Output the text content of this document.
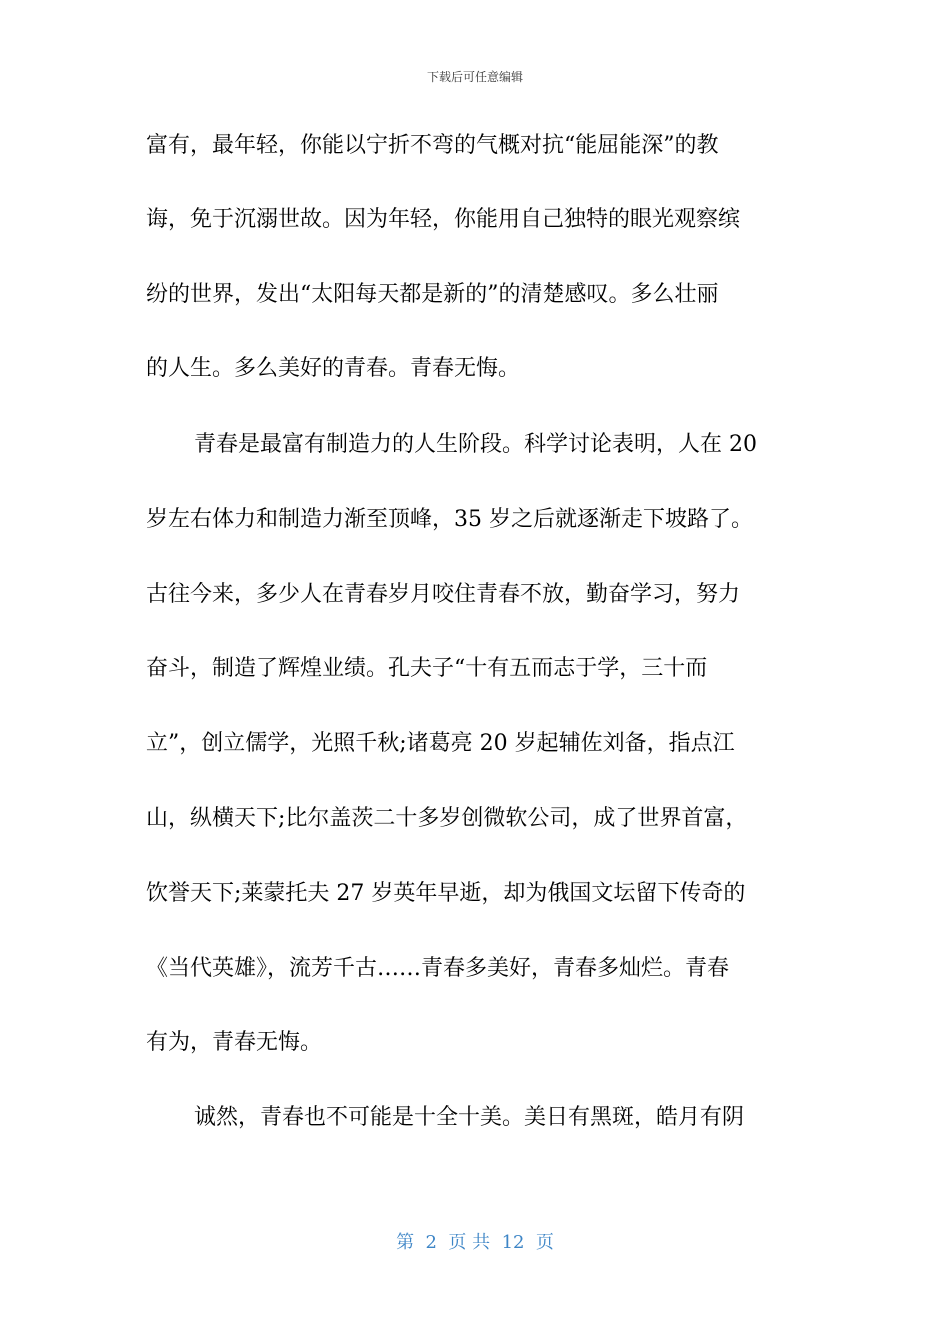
下载后可任意编辑
富有，最年轻，你能以宁折不弯的气概对抗“能屈能深”的教
诲，免于沉溺世故。因为年轻，你能用自己独特的眼光观察缤
纷的世界，发出“太阳每天都是新的”的清楚感叹。多么壮丽
的人生。多么美好的青春。青春无悔。
青春是最富有制造力的人生阶段。科学讨论表明，人在 20
岁左右体力和制造力渐至顶峰，35 岁之后就逐渐走下坡路了。
古往今来，多少人在青春岁月咬住青春不放，勤奋学习，努力
奋斗，制造了辉煌业绩。孔夫子“十有五而志于学，三十而
立”，创立儒学，光照千秋;诸葛亮 20 岁起辅佐刘备，指点江
山，纵横天下;比尔盖茨二十多岁创微软公司，成了世界首富，
饮誉天下;莱蒙托夫 27 岁英年早逝，却为俄国文坛留下传奇的
《当代英雄》，流芳千古……青春多美好，青春多灿烂。青春
有为，青春无悔。
诚然，青春也不可能是十全十美。美日有黑斑，皓月有阴
第  2  页 共  12  页
